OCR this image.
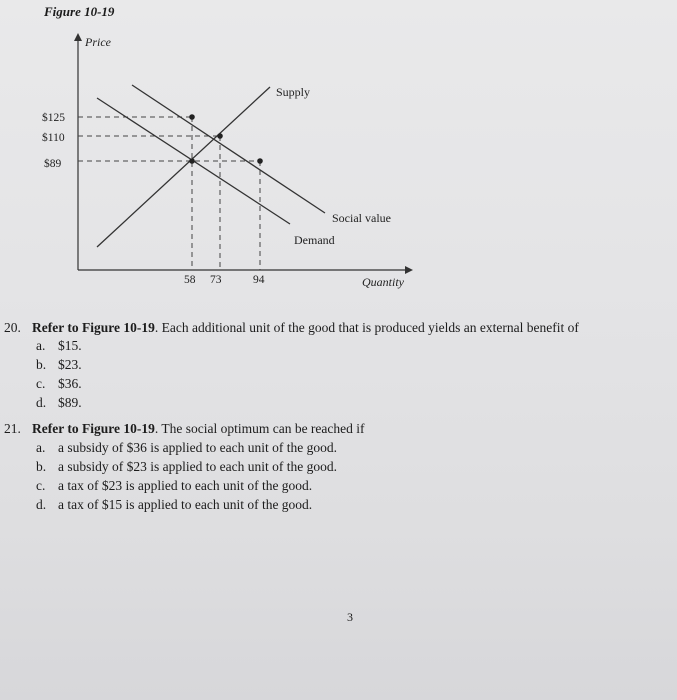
Figure 10-19
Price
Quantity
$125
$110
$89
58 73	94
Supply
Social value
Demand
20. Refer to Figure 10-19. Each additional unit of the good that is produced yields an external benefit of
a. $15.
b. $23.
c. $36.
d. $89.
21. Refer to Figure 10-19. The social optimum can be reached if
a. a subsidy of $36 is applied to each unit of the good.
b. a subsidy of $23 is applied to each unit of the good.
c. a tax of $23 is applied to each unit of the good.
d. a tax of $15 is applied to each unit of the good.
3
